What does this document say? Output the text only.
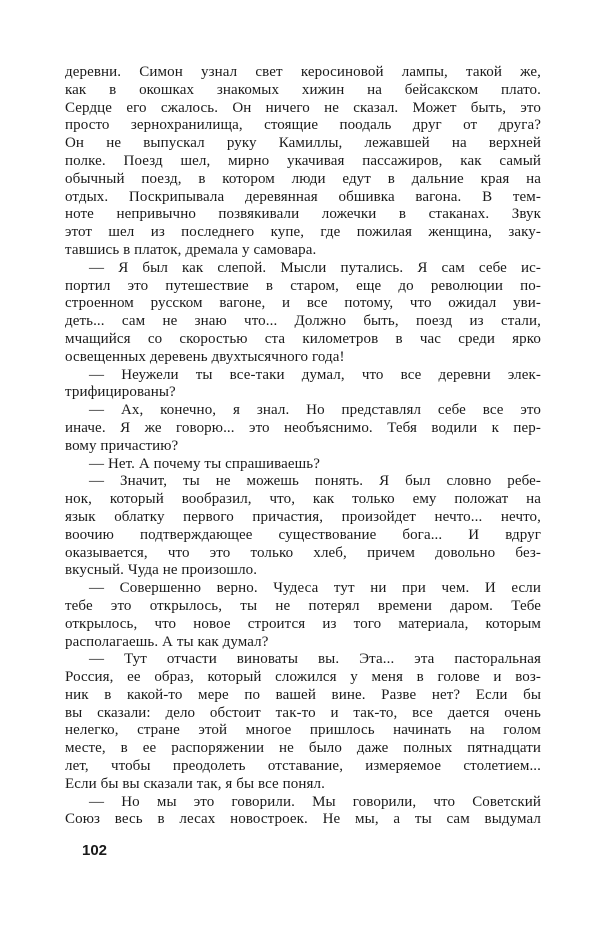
деревни. Симон узнал свет керосиновой лампы, такой же,
как в окошках знакомых хижин на бейсакском плато.
Сердце его сжалось. Он ничего не сказал. Может быть, это
просто зернохранилища, стоящие поодаль друг от друга?
Он не выпускал руку Камиллы, лежавшей на верхней
полке. Поезд шел, мирно укачивая пассажиров, как самый
обычный поезд, в котором люди едут в дальние края на
отдых. Поскрипывала деревянная обшивка вагона. В тем-
ноте непривычно позвякивали ложечки в стаканах. Звук
этот шел из последнего купе, где пожилая женщина, заку-
тавшись в платок, дремала у самовара.
— Я был как слепой. Мысли путались. Я сам себе ис-
портил это путешествие в старом, еще до революции по-
строенном русском вагоне, и все потому, что ожидал уви-
деть... сам не знаю что... Должно быть, поезд из стали,
мчащийся со скоростью ста километров в час среди ярко
освещенных деревень двухтысячного года!
— Неужели ты все-таки думал, что все деревни элек-
трифицированы?
— Ах, конечно, я знал. Но представлял себе все это
иначе. Я же говорю... это необъяснимо. Тебя водили к пер-
вому причастию?
— Нет. А почему ты спрашиваешь?
— Значит, ты не можешь понять. Я был словно ребе-
нок, который вообразил, что, как только ему положат на
язык облатку первого причастия, произойдет нечто... нечто,
воочию подтверждающее существование бога... И вдруг
оказывается, что это только хлеб, причем довольно без-
вкусный. Чуда не произошло.
— Совершенно верно. Чудеса тут ни при чем. И если
тебе это открылось, ты не потерял времени даром. Тебе
открылось, что новое строится из того материала, которым
располагаешь. А ты как думал?
— Тут отчасти виноваты вы. Эта... эта пасторальная
Россия, ее образ, который сложился у меня в голове и воз-
ник в какой-то мере по вашей вине. Разве нет? Если бы
вы сказали: дело обстоит так-то и так-то, все дается очень
нелегко, стране этой многое пришлось начинать на голом
месте, в ее распоряжении не было даже полных пятнадцати
лет, чтобы преодолеть отставание, измеряемое столетием...
Если бы вы сказали так, я бы все понял.
— Но мы это говорили. Мы говорили, что Советский
Союз весь в лесах новостроек. Не мы, а ты сам выдумал
102
